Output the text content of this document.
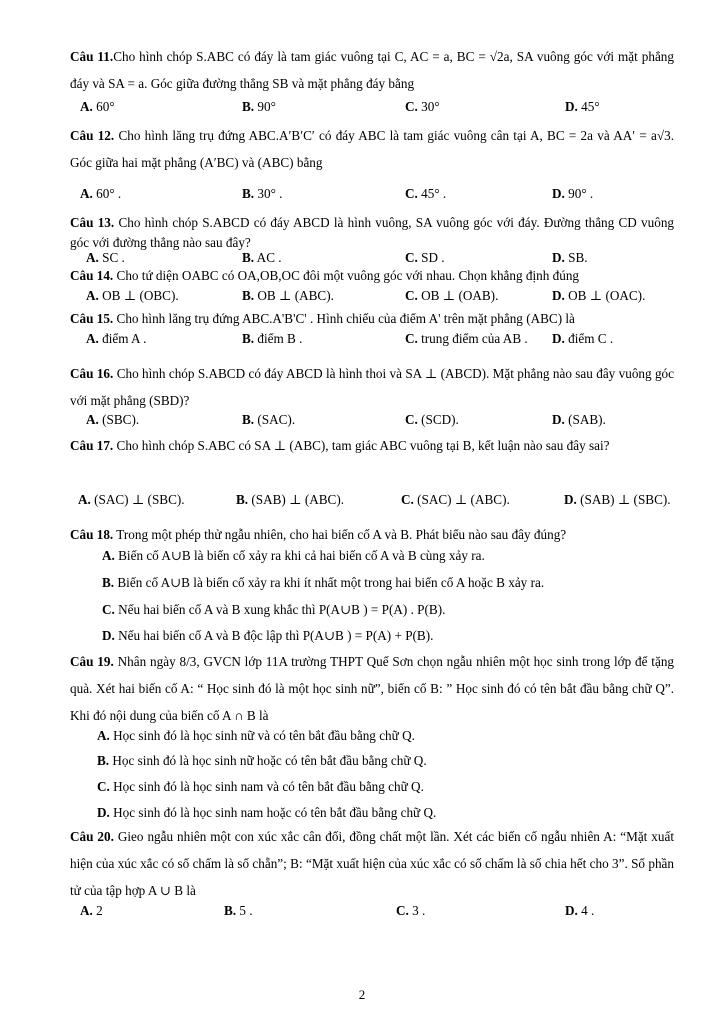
Câu 11.Cho hình chóp S.ABC có đáy là tam giác vuông tại C, AC = a, BC = √2a, SA vuông góc với mặt phẳng đáy và SA = a. Góc giữa đường thẳng SB và mặt phẳng đáy bằng
A. 60°	B. 90°	C. 30°	D. 45°
Câu 12. Cho hình lăng trụ đứng ABC.A′B′C′ có đáy ABC là tam giác vuông cân tại A, BC = 2a và AA′ = a√3. Góc giữa hai mặt phẳng (A′BC) và (ABC) bằng
A. 60° .	B. 30° .	C. 45° .	D. 90° .
Câu 13. Cho hình chóp S.ABCD có đáy ABCD là hình vuông, SA vuông góc với đáy. Đường thẳng CD vuông góc với đường thẳng nào sau đây?
A. SC .	B. AC .	C. SD .	D. SB.
Câu 14. Cho tứ diện OABC có OA,OB,OC đôi một vuông góc với nhau. Chọn khẳng định đúng
A. OB ⊥ (OBC).	B. OB ⊥ (ABC).	C. OB ⊥ (OAB).	D. OB ⊥ (OAC).
Câu 15. Cho hình lăng trụ đứng ABC.A'B'C' . Hình chiếu của điểm A' trên mặt phẳng (ABC) là
A. điểm A .	B. điểm B .	C. trung điểm của AB . D. điểm C .
Câu 16. Cho hình chóp S.ABCD có đáy ABCD là hình thoi và SA ⊥ (ABCD). Mặt phẳng nào sau đây vuông góc với mặt phẳng (SBD)?
A. (SBC).	B. (SAC).	C. (SCD).	D. (SAB).
Câu 17. Cho hình chóp S.ABC có SA ⊥ (ABC), tam giác ABC vuông tại B, kết luận nào sau đây sai?
A. (SAC) ⊥ (SBC).	B. (SAB) ⊥ (ABC).	C. (SAC) ⊥ (ABC).	D. (SAB) ⊥ (SBC).
Câu 18. Trong một phép thử ngẫu nhiên, cho hai biến cố A và B. Phát biểu nào sau đây đúng?
A. Biến cố A∪B là biến cố xảy ra khi cả hai biến cố A và B cùng xảy ra.
B. Biến cố A∪B là biến cố xảy ra khi ít nhất một trong hai biến cố A hoặc B xảy ra.
C. Nếu hai biến cố A và B xung khắc thì P(A∪B ) = P(A) . P(B).
D. Nếu hai biến cố A và B độc lập thì P(A∪B ) = P(A) + P(B).
Câu 19. Nhân ngày 8/3, GVCN lớp 11A trường THPT Quế Sơn chọn ngẫu nhiên một học sinh trong lớp để tặng quà. Xét hai biến cố A: “ Học sinh đó là một học sinh nữ”, biến cố B: ” Học sinh đó có tên bắt đầu bằng chữ Q”. Khi đó nội dung của biến cố A ∩ B là
A. Học sinh đó là học sinh nữ và có tên bắt đầu bằng chữ Q.
B. Học sinh đó là học sinh nữ hoặc có tên bắt đầu bằng chữ Q.
C. Học sinh đó là học sinh nam và có tên bắt đầu bằng chữ Q.
D. Học sinh đó là học sinh nam hoặc có tên bắt đầu bằng chữ Q.
Câu 20. Gieo ngẫu nhiên một con xúc xắc cân đối, đồng chất một lần. Xét các biến cố ngẫu nhiên A: “Mặt xuất hiện của xúc xắc có số chấm là số chẵn”; B: “Mặt xuất hiện của xúc xắc có số chấm là số chia hết cho 3”. Số phần tử của tập hợp A ∪ B là
A. 2	B. 5 .	C. 3 .	D. 4 .
2
